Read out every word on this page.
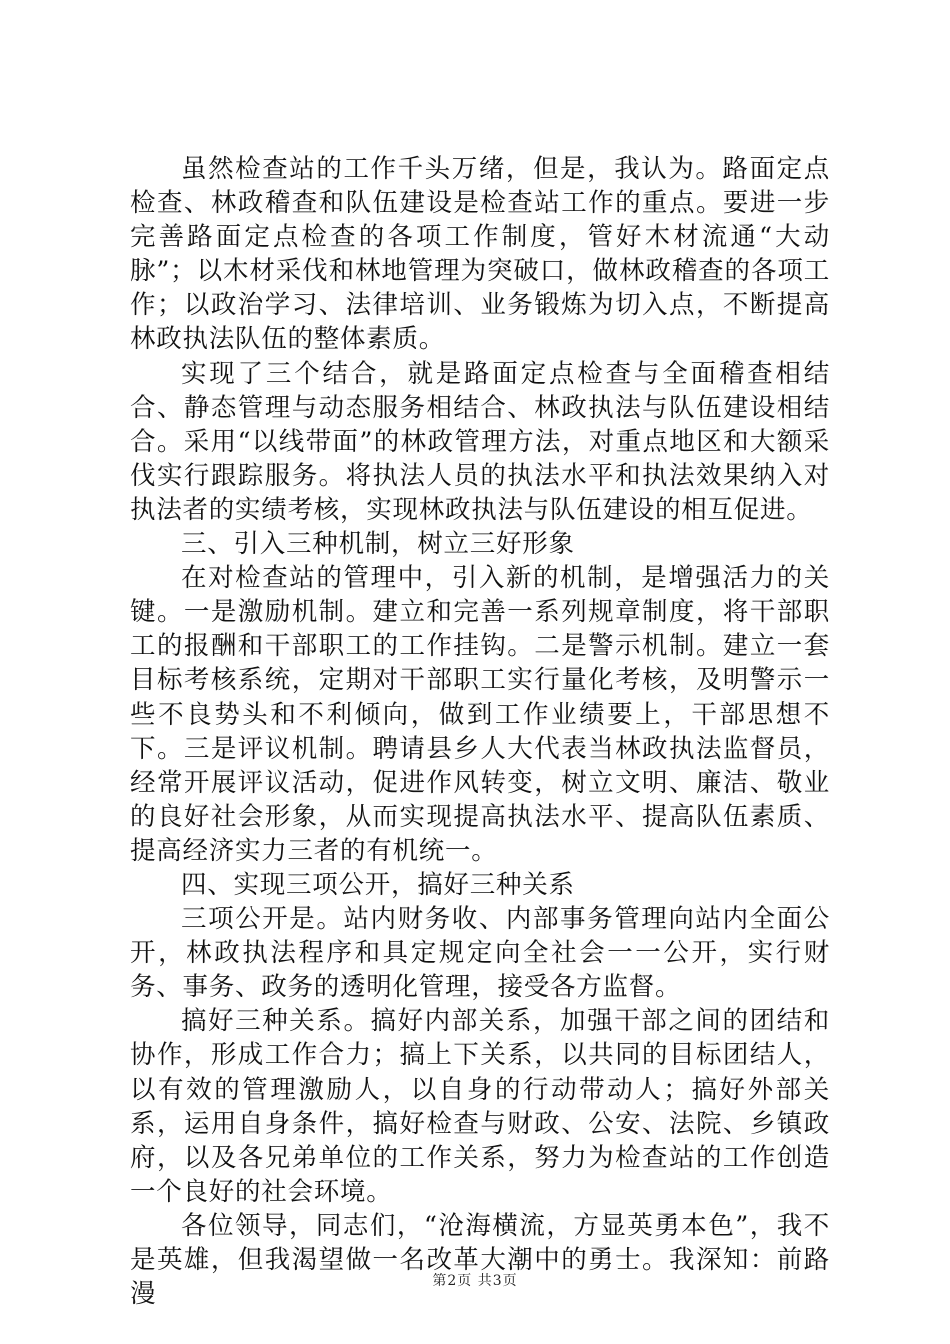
虽然检查站的工作千头万绪，但是，我认为。路面定点检查、林政稽查和队伍建设是检查站工作的重点。要进一步完善路面定点检查的各项工作制度，管好木材流通“大动脉”；以木材采伐和林地管理为突破口，做林政稽查的各项工作；以政治学习、法律培训、业务锻炼为切入点，不断提高林政执法队伍的整体素质。

实现了三个结合，就是路面定点检查与全面稽查相结合、静态管理与动态服务相结合、林政执法与队伍建设相结合。采用“以线带面”的林政管理方法，对重点地区和大额采伐实行跟踪服务。将执法人员的执法水平和执法效果纳入对执法者的实绩考核，实现林政执法与队伍建设的相互促进。

三、引入三种机制，树立三好形象

在对检查站的管理中，引入新的机制，是增强活力的关键。一是激励机制。建立和完善一系列规章制度，将干部职工的报酬和干部职工的工作挂钩。二是警示机制。建立一套目标考核系统，定期对干部职工实行量化考核，及明警示一些不良势头和不利倾向，做到工作业绩要上，干部思想不下。三是评议机制。聘请县乡人大代表当林政执法监督员，经常开展评议活动，促进作风转变，树立文明、廉洁、敬业的良好社会形象，从而实现提高执法水平、提高队伍素质、提高经济实力三者的有机统一。

四、实现三项公开，搞好三种关系

三项公开是。站内财务收、内部事务管理向站内全面公开，林政执法程序和具定规定向全社会一一公开，实行财务、事务、政务的透明化管理，接受各方监督。

搞好三种关系。搞好内部关系，加强干部之间的团结和协作，形成工作合力；搞上下关系，以共同的目标团结人，以有效的管理激励人，以自身的行动带动人；搞好外部关系，运用自身条件，搞好检查与财政、公安、法院、乡镇政府，以及各兄弟单位的工作关系，努力为检查站的工作创造一个良好的社会环境。

各位领导，同志们，“沧海横流，方显英勇本色”，我不是英雄，但我渴望做一名改革大潮中的勇士。我深知：前路漫	第2页 共3页
